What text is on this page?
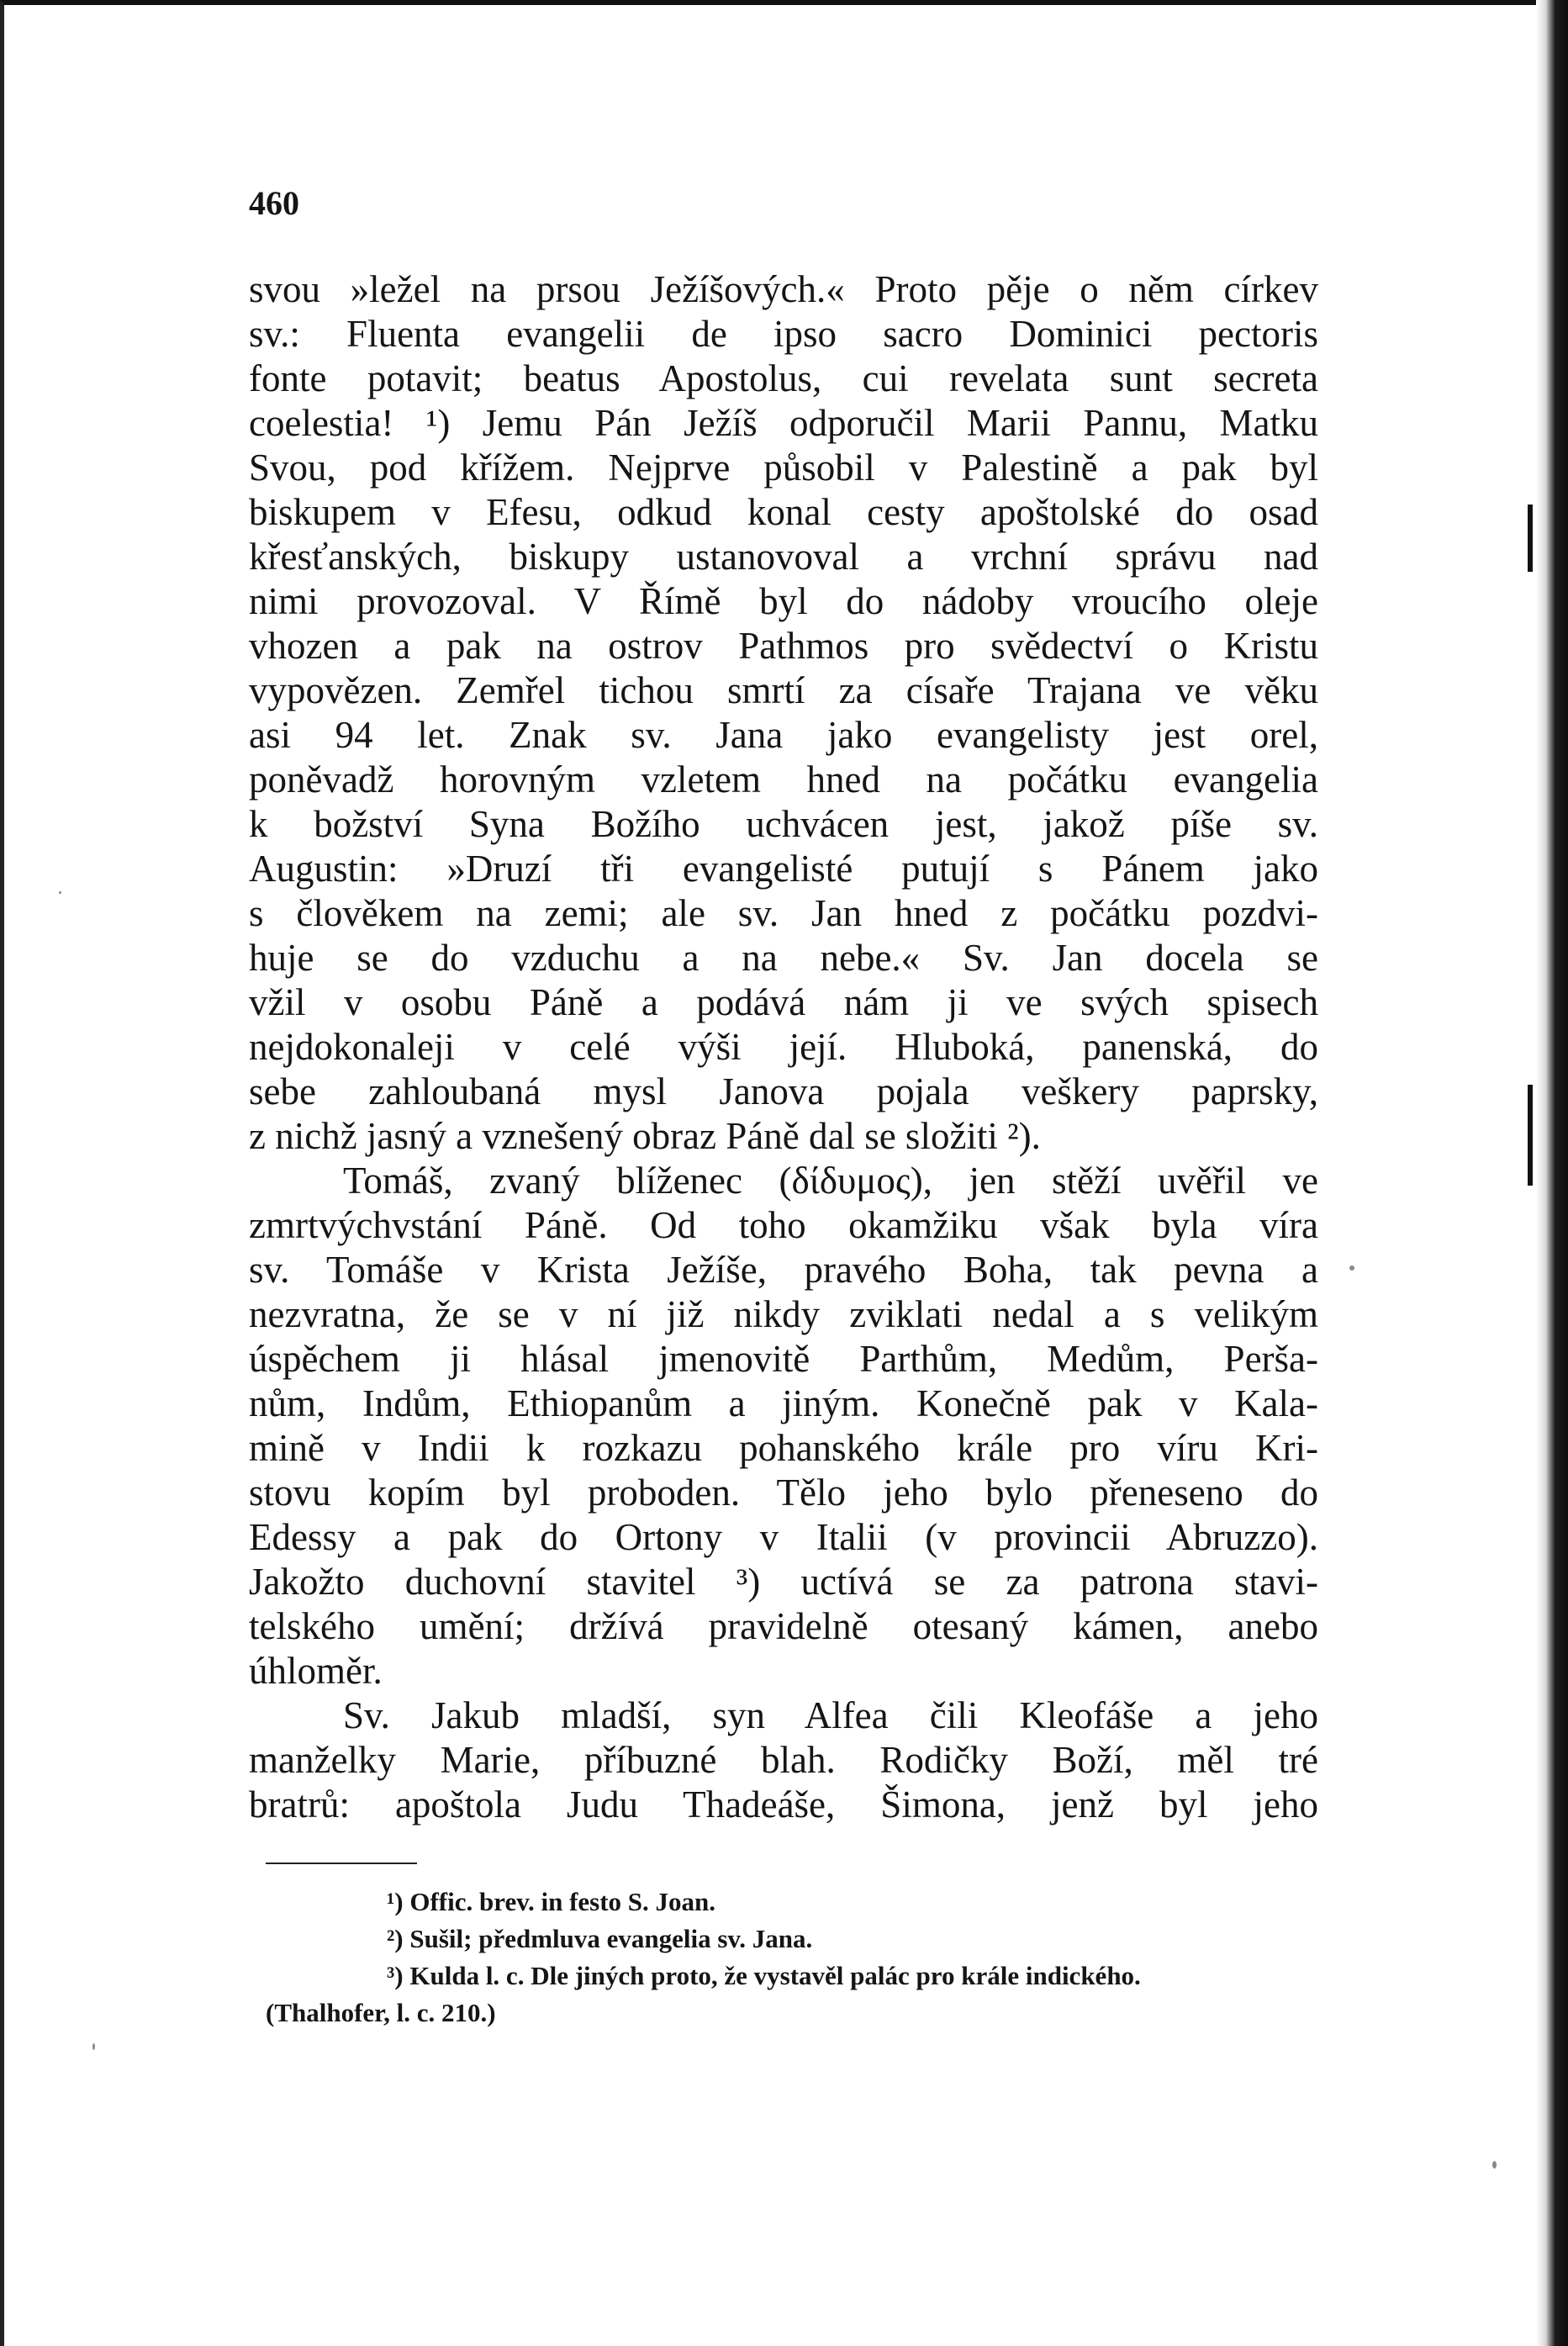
460
svou »ležel na prsou Ježíšových.« Proto pěje o něm církev
sv.: Fluenta evangelii de ipso sacro Dominici pectoris
fonte potavit; beatus Apostolus, cui revelata sunt secreta
coelestia! ¹) Jemu Pán Ježíš odporučil Marii Pannu, Matku
Svou, pod křížem. Nejprve působil v Palestině a pak byl
biskupem v Efesu, odkud konal cesty apoštolské do osad
křesťanských, biskupy ustanovoval a vrchní správu nad
nimi provozoval. V Římě byl do nádoby vroucího oleje
vhozen a pak na ostrov Pathmos pro svědectví o Kristu
vypovězen. Zemřel tichou smrtí za císaře Trajana ve věku
asi 94 let. Znak sv. Jana jako evangelisty jest orel,
poněvadž horovným vzletem hned na počátku evangelia
k božství Syna Božího uchvácen jest, jakož píše sv.
Augustin: »Druzí tři evangelisté putují s Pánem jako
s člověkem na zemi; ale sv. Jan hned z počátku pozdvi-
huje se do vzduchu a na nebe.« Sv. Jan docela se
vžil v osobu Páně a podává nám ji ve svých spisech
nejdokonaleji v celé výši její. Hluboká, panenská, do
sebe zahloubaná mysl Janova pojala veškery paprsky,
z nichž jasný a vznešený obraz Páně dal se složiti ²).
Tomáš, zvaný blíženec (δίδυμος), jen stěží uvěřil ve
zmrtvýchvstání Páně. Od toho okamžiku však byla víra
sv. Tomáše v Krista Ježíše, pravého Boha, tak pevna a
nezvratna, že se v ní již nikdy zviklati nedal a s velikým
úspěchem ji hlásal jmenovitě Parthům, Medům, Perša-
nům, Indům, Ethiopanům a jiným. Konečně pak v Kala-
mině v Indii k rozkazu pohanského krále pro víru Kri-
stovu kopím byl proboden. Tělo jeho bylo přeneseno do
Edessy a pak do Ortony v Italii (v provincii Abruzzo).
Jakožto duchovní stavitel ³) uctívá se za patrona stavi-
telského umění; držívá pravidelně otesaný kámen, anebo
úhloměr.
Sv. Jakub mladší, syn Alfea čili Kleofáše a jeho
manželky Marie, příbuzné blah. Rodičky Boží, měl tré
bratrů: apoštola Judu Thadeáše, Šimona, jenž byl jeho
¹) Offic. brev. in festo S. Joan.
²) Sušil; předmluva evangelia sv. Jana.
³) Kulda l. c. Dle jiných proto, že vystavěl palác pro krále indického.
(Thalhofer, l. c. 210.)
